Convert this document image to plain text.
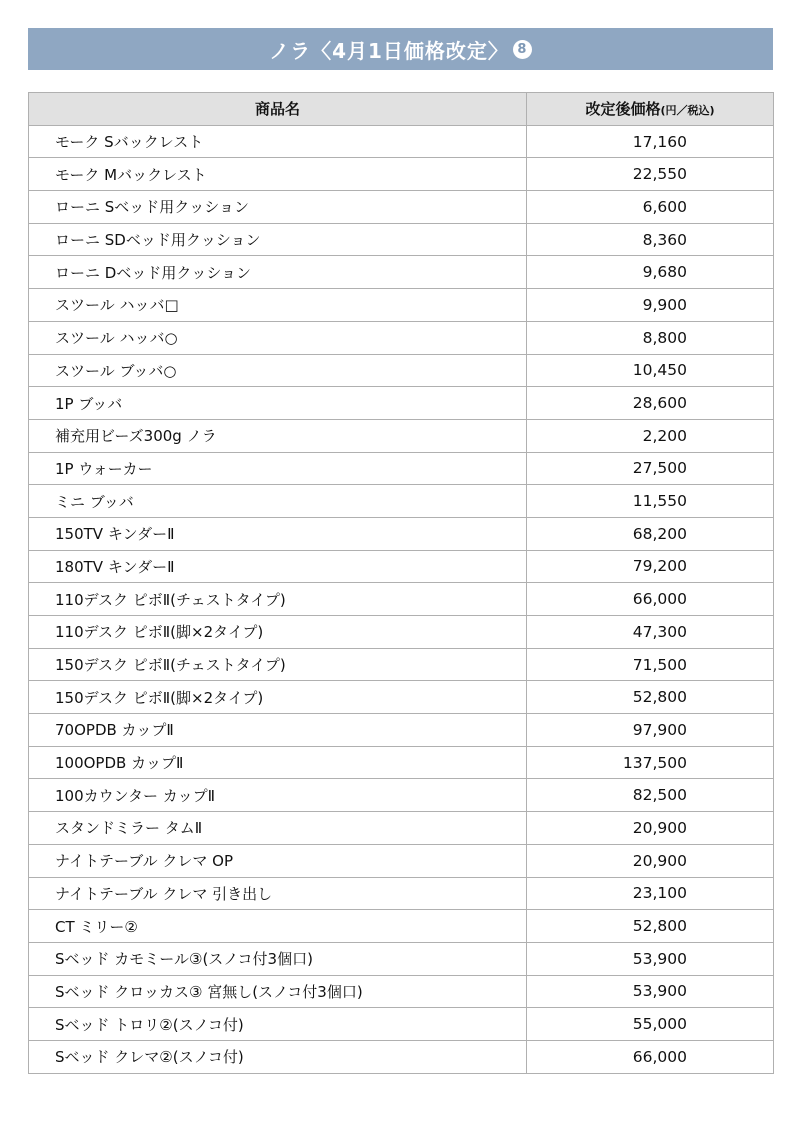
ノラ〈4月1日価格改定〉 8
商品名	改定後価格(円／税込)
モーク Sバックレスト	17,160
モーク Mバックレスト	22,550
ローニ Sベッド用クッション	6,600
ローニ SDベッド用クッション	8,360
ローニ Dベッド用クッション	9,680
スツール ハッバ□	9,900
スツール ハッバ○	8,800
スツール ブッバ○	10,450
1P ブッバ	28,600
補充用ビーズ300g ノラ	2,200
1P ウォーカー	27,500
ミニ ブッバ	11,550
150TV キンダーⅡ	68,200
180TV キンダーⅡ	79,200
110デスク ピボⅡ(チェストタイプ)	66,000
110デスク ピボⅡ(脚×2タイプ)	47,300
150デスク ピボⅡ(チェストタイプ)	71,500
150デスク ピボⅡ(脚×2タイプ)	52,800
70OPDB カップⅡ	97,900
100OPDB カップⅡ	137,500
100カウンター カップⅡ	82,500
スタンドミラー タムⅡ	20,900
ナイトテーブル クレマ OP	20,900
ナイトテーブル クレマ 引き出し	23,100
CT ミリー②	52,800
Sベッド カモミール③(スノコ付3個口)	53,900
Sベッド クロッカス③ 宮無し(スノコ付3個口)	53,900
Sベッド トロリ②(スノコ付)	55,000
Sベッド クレマ②(スノコ付)	66,000
